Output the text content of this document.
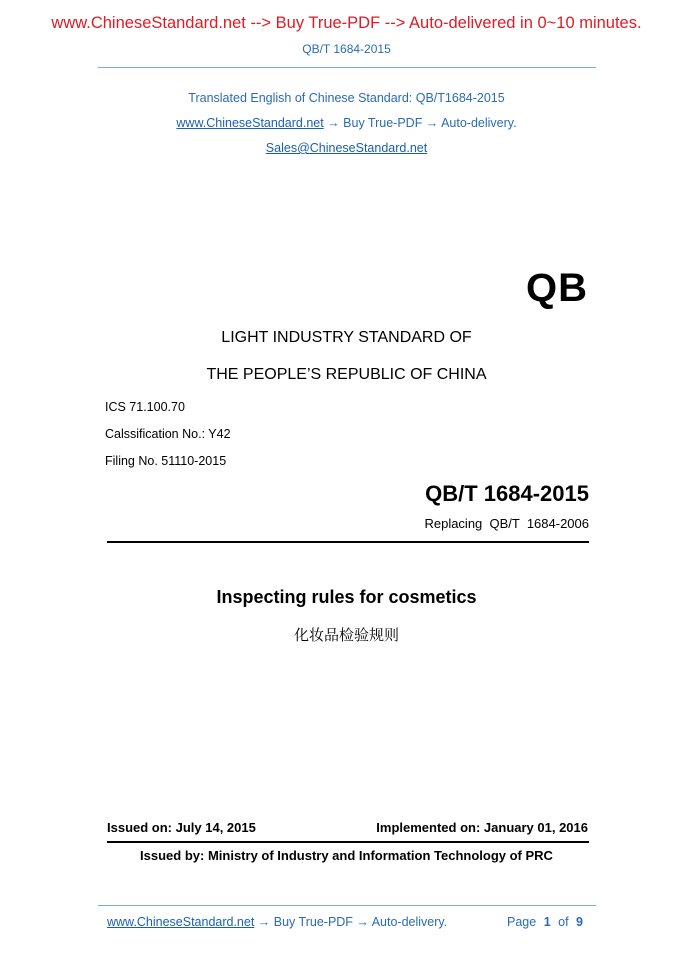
www.ChineseStandard.net --> Buy True-PDF --> Auto-delivered in 0~10 minutes.
QB/T 1684-2015
Translated English of Chinese Standard: QB/T1684-2015
www.ChineseStandard.net → Buy True-PDF → Auto-delivery.
Sales@ChineseStandard.net
QB
LIGHT INDUSTRY STANDARD OF
THE PEOPLE’S REPUBLIC OF CHINA
ICS 71.100.70
Calssification No.: Y42
Filing No. 51110-2015
QB/T 1684-2015
Replacing  QB/T  1684-2006
Inspecting rules for cosmetics
化妆品检验规则
Issued on: July 14, 2015	Implemented on: January 01, 2016
Issued by: Ministry of Industry and Information Technology of PRC
www.ChineseStandard.net → Buy True-PDF → Auto-delivery.	Page 1 of 9
